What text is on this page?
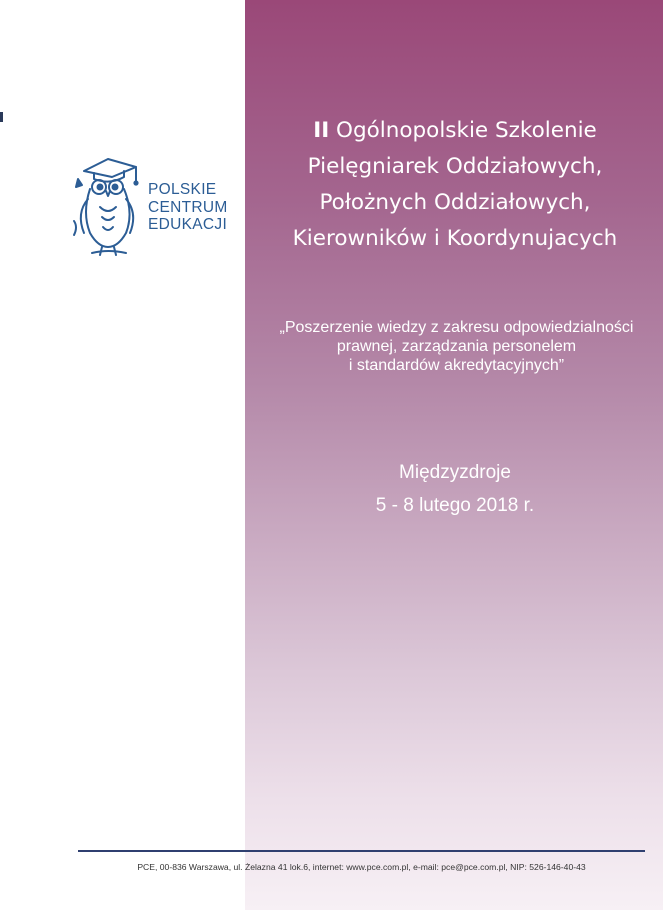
POLSKIE
CENTRUM
EDUKACJI
II Ogólnopolskie Szkolenie
Pielęgniarek Oddziałowych,
Położnych Oddziałowych,
Kierowników i Koordynujacych
„Poszerzenie wiedzy z zakresu odpowiedzialności
prawnej, zarządzania personelem
i standardów akredytacyjnych”
Międzyzdroje
5 - 8 lutego 2018 r.
PCE, 00-836 Warszawa, ul. Żelazna 41 lok.6, internet: www.pce.com.pl, e-mail: pce@pce.com.pl, NIP: 526-146-40-43
